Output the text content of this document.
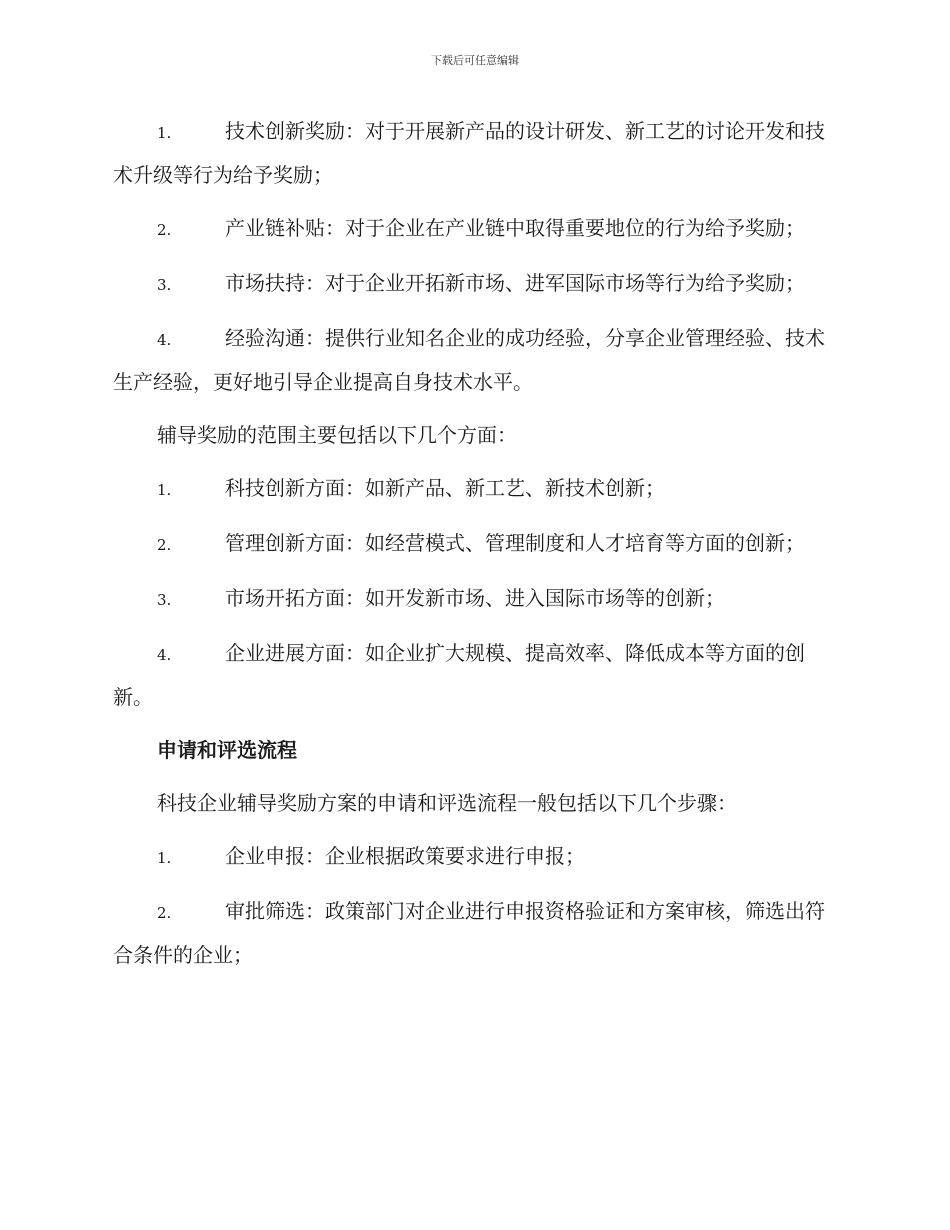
下载后可任意编辑

1.	技术创新奖励：对于开展新产品的设计研发、新工艺的讨论开发和技术升级等行为给予奖励；

2.	产业链补贴：对于企业在产业链中取得重要地位的行为给予奖励；

3.	市场扶持：对于企业开拓新市场、进军国际市场等行为给予奖励；

4.	经验沟通：提供行业知名企业的成功经验，分享企业管理经验、技术生产经验，更好地引导企业提高自身技术水平。

辅导奖励的范围主要包括以下几个方面：

1.	科技创新方面：如新产品、新工艺、新技术创新；

2.	管理创新方面：如经营模式、管理制度和人才培育等方面的创新；

3.	市场开拓方面：如开发新市场、进入国际市场等的创新；

4.	企业进展方面：如企业扩大规模、提高效率、降低成本等方面的创新。

申请和评选流程

科技企业辅导奖励方案的申请和评选流程一般包括以下几个步骤：

1.	企业申报：企业根据政策要求进行申报；

2.	审批筛选：政策部门对企业进行申报资格验证和方案审核，筛选出符合条件的企业；
